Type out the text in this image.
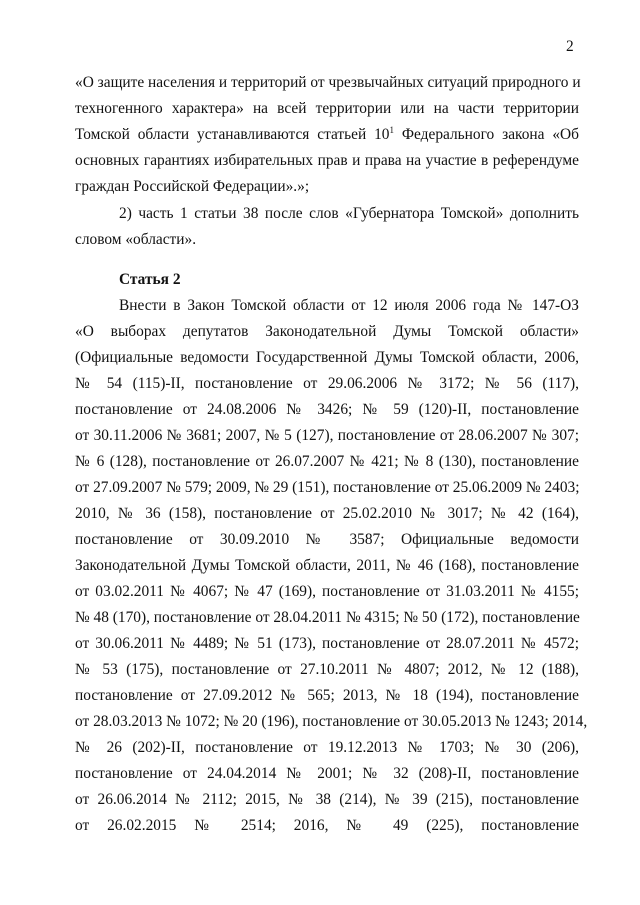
2
«О защите населения и территорий от чрезвычайных ситуаций природного и
техногенного характера» на всей территории или на части территории
Томской области устанавливаются статьей $10^1$ Федерального закона «Об
основных гарантиях избирательных прав и права на участие в референдуме
граждан Российской Федерации».»;
2) часть 1 статьи 38 после слов «Губернатора Томской» дополнить
словом «области».
Статья 2
Внести в Закон Томской области от 12 июля 2006 года № 147-ОЗ
«О выборах депутатов Законодательной Думы Томской области»
(Официальные ведомости Государственной Думы Томской области, 2006,
№ 54 (115)-II, постановление от 29.06.2006 № 3172; № 56 (117),
постановление от 24.08.2006 № 3426; № 59 (120)-II, постановление
от 30.11.2006 № 3681; 2007, № 5 (127), постановление от 28.06.2007 № 307;
№ 6 (128), постановление от 26.07.2007 № 421; № 8 (130), постановление
от 27.09.2007 № 579; 2009, № 29 (151), постановление от 25.06.2009 № 2403;
2010, № 36 (158), постановление от 25.02.2010 № 3017; № 42 (164),
постановление от 30.09.2010 № 3587; Официальные ведомости
Законодательной Думы Томской области, 2011, № 46 (168), постановление
от 03.02.2011 № 4067; № 47 (169), постановление от 31.03.2011 № 4155;
№ 48 (170), постановление от 28.04.2011 № 4315; № 50 (172), постановление
от 30.06.2011 № 4489; № 51 (173), постановление от 28.07.2011 № 4572;
№ 53 (175), постановление от 27.10.2011 № 4807; 2012, № 12 (188),
постановление от 27.09.2012 № 565; 2013, № 18 (194), постановление
от 28.03.2013 № 1072; № 20 (196), постановление от 30.05.2013 № 1243; 2014,
№ 26 (202)-II, постановление от 19.12.2013 № 1703; № 30 (206),
постановление от 24.04.2014 № 2001; № 32 (208)-II, постановление
от 26.06.2014 № 2112; 2015, № 38 (214), № 39 (215), постановление
от 26.02.2015 № 2514; 2016, № 49 (225), постановление
